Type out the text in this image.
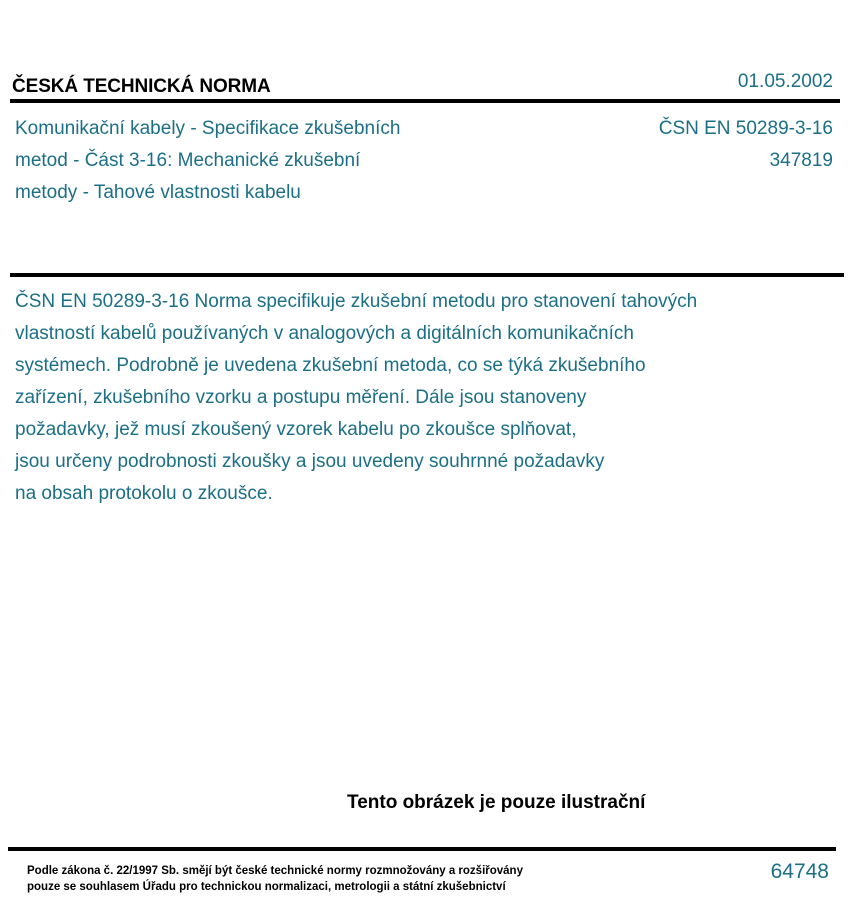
ČESKÁ TECHNICKÁ NORMA	01.05.2002
Komunikační kabely - Specifikace zkušebních
metod - Část 3-16: Mechanické zkušební
metody - Tahové vlastnosti kabelu
ČSN EN 50289-3-16
347819
ČSN EN 50289-3-16 Norma specifikuje zkušební metodu pro stanovení tahových
vlastností kabelů používaných v analogových a digitálních komunikačních
systémech. Podrobně je uvedena zkušební metoda, co se týká zkušebního
zařízení, zkušebního vzorku a postupu měření. Dále jsou stanoveny
požadavky, jež musí zkoušený vzorek kabelu po zkoušce splňovat,
jsou určeny podrobnosti zkoušky a jsou uvedeny souhrnné požadavky
na obsah protokolu o zkoušce.
Tento obrázek je pouze ilustrační
Podle zákona č. 22/1997 Sb. smějí být české technické normy rozmnožovány a rozšiřovány
pouze se souhlasem Úřadu pro technickou normalizaci, metrologii a státní zkušebnictví
64748
